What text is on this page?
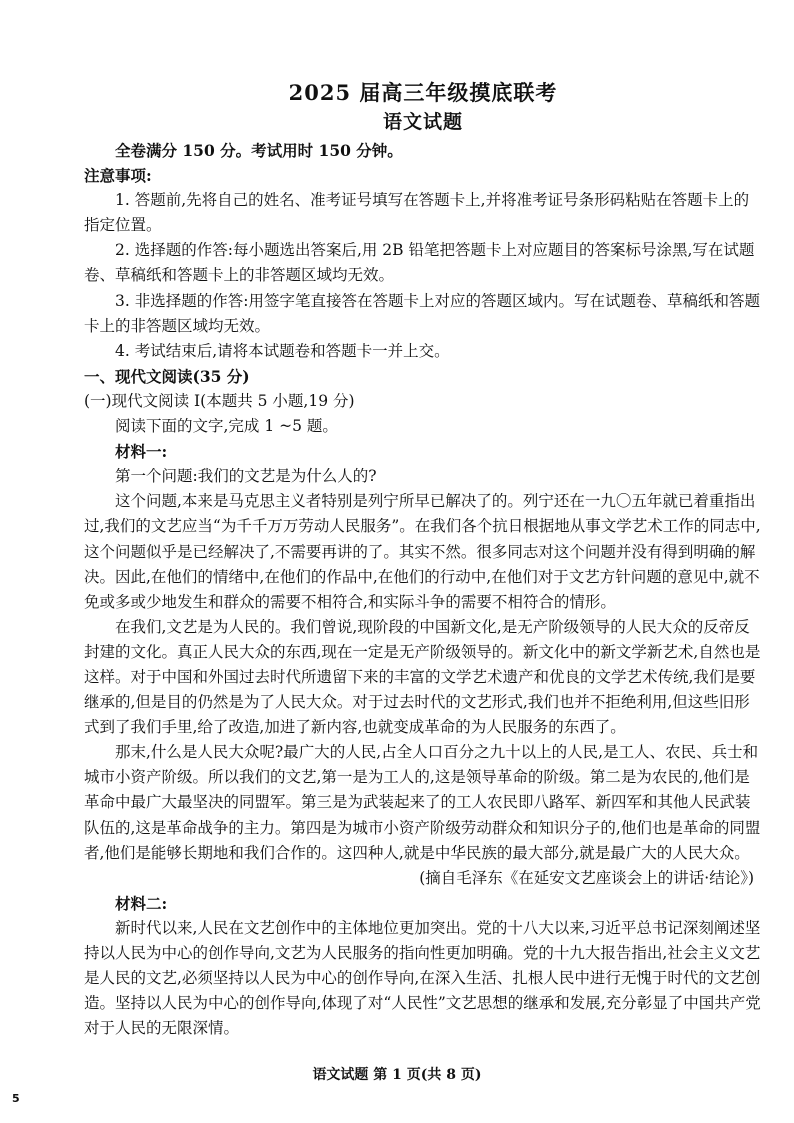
2025 届高三年级摸底联考
语文试题

全卷满分 150 分。考试用时 150 分钟。

注意事项:

1. 答题前,先将自己的姓名、准考证号填写在答题卡上,并将准考证号条形码粘贴在答题卡上的指定位置。

2. 选择题的作答:每小题选出答案后,用 2B 铅笔把答题卡上对应题目的答案标号涂黑,写在试题卷、草稿纸和答题卡上的非答题区域均无效。

3. 非选择题的作答:用签字笔直接答在答题卡上对应的答题区域内。写在试题卷、草稿纸和答题卡上的非答题区域均无效。

4. 考试结束后,请将本试题卷和答题卡一并上交。

一、现代文阅读(35 分)

(一)现代文阅读 I(本题共 5 小题,19 分)

阅读下面的文字,完成 1 ~5 题。

材料一:

第一个问题:我们的文艺是为什么人的?

这个问题,本来是马克思主义者特别是列宁所早已解决了的。列宁还在一九〇五年就已着重指出过,我们的文艺应当“为千千万万劳动人民服务”。在我们各个抗日根据地从事文学艺术工作的同志中,这个问题似乎是已经解决了,不需要再讲的了。其实不然。很多同志对这个问题并没有得到明确的解决。因此,在他们的情绪中,在他们的作品中,在他们的行动中,在他们对于文艺方针问题的意见中,就不免或多或少地发生和群众的需要不相符合,和实际斗争的需要不相符合的情形。

在我们,文艺是为人民的。我们曾说,现阶段的中国新文化,是无产阶级领导的人民大众的反帝反封建的文化。真正人民大众的东西,现在一定是无产阶级领导的。新文化中的新文学新艺术,自然也是这样。对于中国和外国过去时代所遗留下来的丰富的文学艺术遗产和优良的文学艺术传统,我们是要继承的,但是目的仍然是为了人民大众。对于过去时代的文艺形式,我们也并不拒绝利用,但这些旧形式到了我们手里,给了改造,加进了新内容,也就变成革命的为人民服务的东西了。

那末,什么是人民大众呢?最广大的人民,占全人口百分之九十以上的人民,是工人、农民、兵士和城市小资产阶级。所以我们的文艺,第一是为工人的,这是领导革命的阶级。第二是为农民的,他们是革命中最广大最坚决的同盟军。第三是为武装起来了的工人农民即八路军、新四军和其他人民武装队伍的,这是革命战争的主力。第四是为城市小资产阶级劳动群众和知识分子的,他们也是革命的同盟者,他们是能够长期地和我们合作的。这四种人,就是中华民族的最大部分,就是最广大的人民大众。

(摘自毛泽东《在延安文艺座谈会上的讲话·结论》)

材料二:

新时代以来,人民在文艺创作中的主体地位更加突出。党的十八大以来,习近平总书记深刻阐述坚持以人民为中心的创作导向,文艺为人民服务的指向性更加明确。党的十九大报告指出,社会主义文艺是人民的文艺,必须坚持以人民为中心的创作导向,在深入生活、扎根人民中进行无愧于时代的文艺创造。坚持以人民为中心的创作导向,体现了对“人民性”文艺思想的继承和发展,充分彰显了中国共产党对于人民的无限深情。

语文试题 第 1 页(共 8 页)
5
